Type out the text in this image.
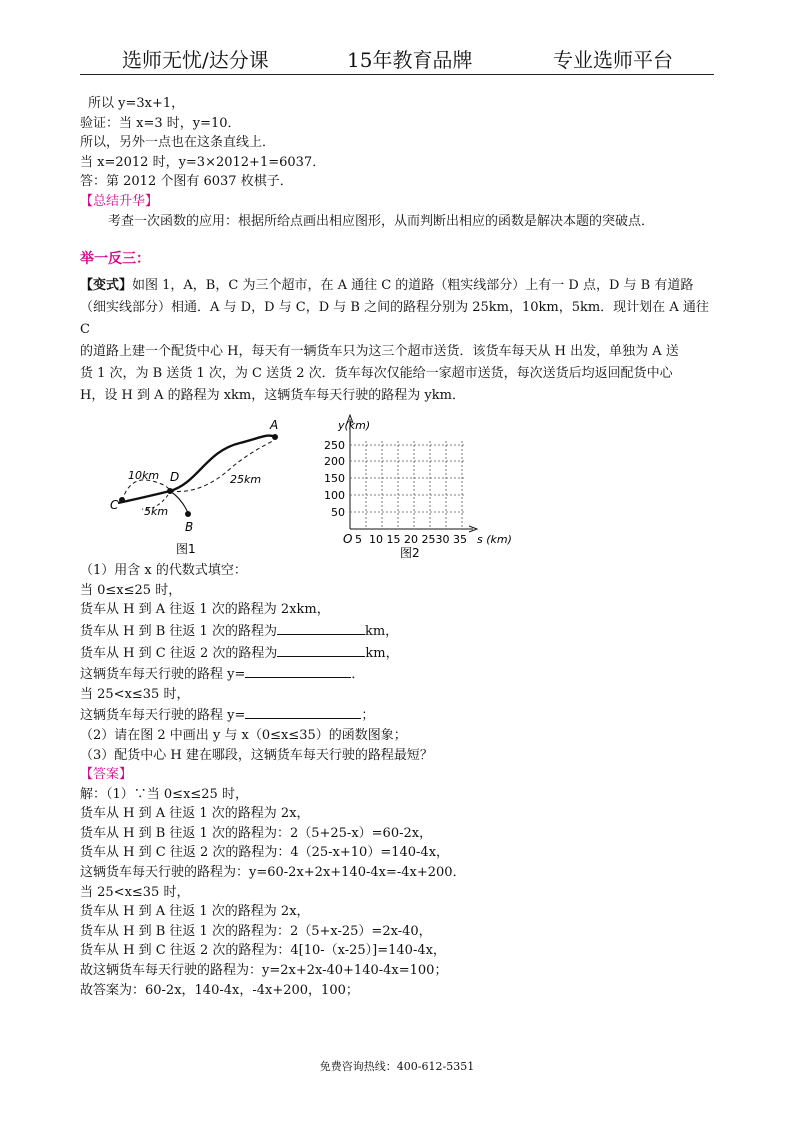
选师无忧/达分课	15年教育品牌	专业选师平台
所以 y=3x+1，
验证：当 x=3 时，y=10．
所以，另外一点也在这条直线上．
当 x=2012 时，y=3×2012+1=6037．
答：第 2012 个图有 6037 枚棋子．
【总结升华】
考查一次函数的应用：根据所给点画出相应图形，从而判断出相应的函数是解决本题的突破点．
举一反三：
【变式】如图 1，A，B，C 为三个超市，在 A 通往 C 的道路（粗实线部分）上有一 D 点，D 与 B 有道路
（细实线部分）相通．A 与 D，D 与 C，D 与 B 之间的路程分别为 25km，10km，5km．现计划在 A 通往 C
的道路上建一个配货中心 H，每天有一辆货车只为这三个超市送货．该货车每天从 H 出发，单独为 A 送
货 1 次，为 B 送货 1 次，为 C 送货 2 次．货车每次仅能给一家超市送货，每次送货后均返回配货中心
H，设 H 到 A 的路程为 xkm，这辆货车每天行驶的路程为 ykm．
C
D
B
A
10km	25km
5km
图1
y(km)
250
200
150
100
50
O 5  10 15 20 2530 35 s (km)
图2
（1）用含 x 的代数式填空：
当 0≤x≤25 时，
货车从 H 到 A 往返 1 次的路程为 2xkm，
货车从 H 到 B 往返 1 次的路程为	km，
货车从 H 到 C 往返 2 次的路程为	km，
这辆货车每天行驶的路程 y=	．
当 25<x≤35 时，
这辆货车每天行驶的路程 y=	；
（2）请在图 2 中画出 y 与 x（0≤x≤35）的函数图象；
（3）配货中心 H 建在哪段，这辆货车每天行驶的路程最短？
【答案】
解：（1）∵当 0≤x≤25 时，
货车从 H 到 A 往返 1 次的路程为 2x，
货车从 H 到 B 往返 1 次的路程为：2（5+25-x）=60-2x，
货车从 H 到 C 往返 2 次的路程为：4（25-x+10）=140-4x，
这辆货车每天行驶的路程为：y=60-2x+2x+140-4x=-4x+200．
当 25<x≤35 时，
货车从 H 到 A 往返 1 次的路程为 2x，
货车从 H 到 B 往返 1 次的路程为：2（5+x-25）=2x-40，
货车从 H 到 C 往返 2 次的路程为：4[10-（x-25）]=140-4x，
故这辆货车每天行驶的路程为：y=2x+2x-40+140-4x=100；
故答案为：60-2x，140-4x，-4x+200，100；
免费咨询热线：400-612-5351
